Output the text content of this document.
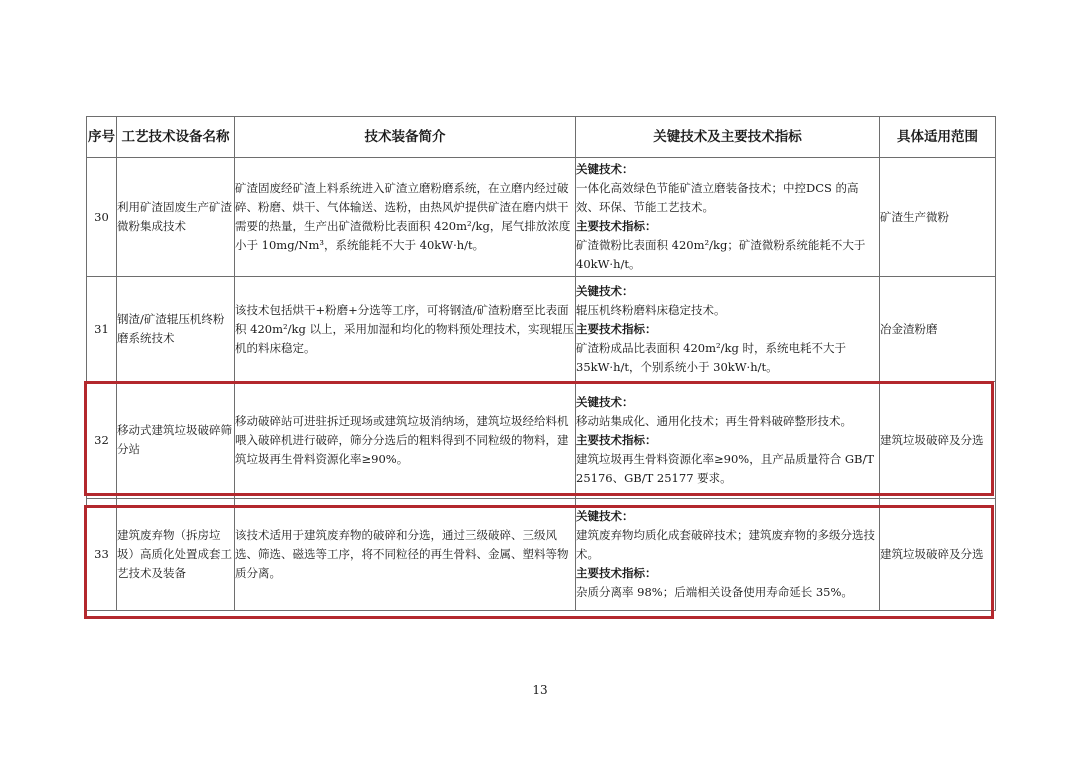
序号	工艺技术设备名称	技术装备简介	关键技术及主要技术指标	具体适用范围
30	利用矿渣固废生产矿渣微粉集成技术	矿渣固废经矿渣上料系统进入矿渣立磨粉磨系统，在立磨内经过破碎、粉磨、烘干、气体输送、选粉，由热风炉提供矿渣在磨内烘干需要的热量，生产出矿渣微粉比表面积 420m²/kg，尾气排放浓度小于 10mg/Nm³，系统能耗不大于 40kW·h/t。	关键技术：
一体化高效绿色节能矿渣立磨装备技术；中控DCS 的高效、环保、节能工艺技术。
主要技术指标：
矿渣微粉比表面积 420m²/kg；矿渣微粉系统能耗不大于 40kW·h/t。	矿渣生产微粉
31	钢渣/矿渣辊压机终粉磨系统技术	该技术包括烘干+粉磨+分选等工序，可将钢渣/矿渣粉磨至比表面积 420m²/kg 以上，采用加湿和均化的物料预处理技术，实现辊压机的料床稳定。	关键技术：
辊压机终粉磨料床稳定技术。
主要技术指标：
矿渣粉成品比表面积 420m²/kg 时，系统电耗不大于 35kW·h/t，个别系统小于 30kW·h/t。	冶金渣粉磨
32	移动式建筑垃圾破碎筛分站	移动破碎站可进驻拆迁现场或建筑垃圾消纳场，建筑垃圾经给料机喂入破碎机进行破碎，筛分分选后的粗料得到不同粒级的物料，建筑垃圾再生骨料资源化率≥90%。	关键技术：
移动站集成化、通用化技术；再生骨料破碎整形技术。
主要技术指标：
建筑垃圾再生骨料资源化率≥90%，且产品质量符合 GB/T 25176、GB/T 25177 要求。	建筑垃圾破碎及分选
33	建筑废弃物（拆房垃圾）高质化处置成套工艺技术及装备	该技术适用于建筑废弃物的破碎和分选，通过三级破碎、三级风选、筛选、磁选等工序，将不同粒径的再生骨料、金属、塑料等物质分离。	关键技术：
建筑废弃物均质化成套破碎技术；建筑废弃物的多级分选技术。
主要技术指标：
杂质分离率 98%；后端相关设备使用寿命延长 35%。	建筑垃圾破碎及分选
13
